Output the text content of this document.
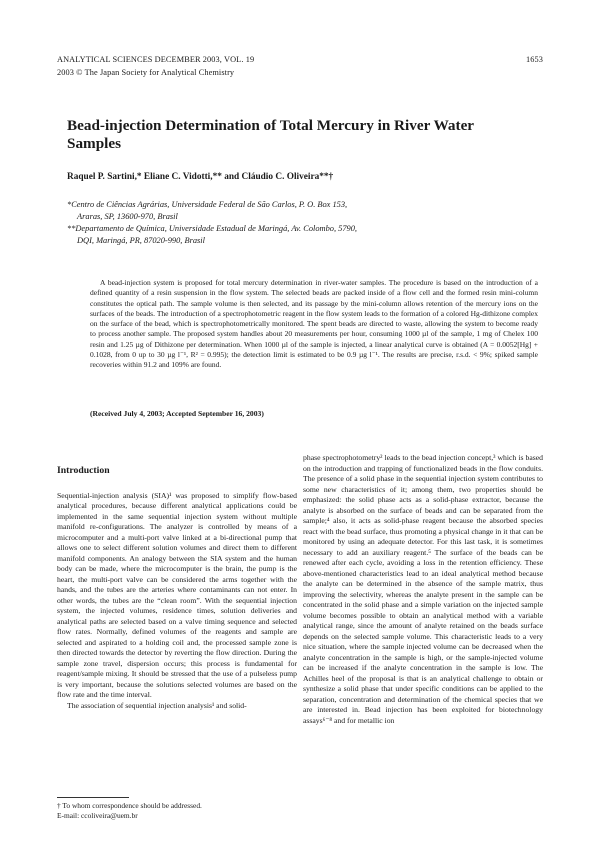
ANALYTICAL SCIENCES DECEMBER 2003, VOL. 19	1653
2003 © The Japan Society for Analytical Chemistry
Bead-injection Determination of Total Mercury in River Water Samples

Raquel P. Sartini,* Eliane C. Vidotti,** and Cláudio C. Oliveira**†

*Centro de Ciências Agrárias, Universidade Federal de São Carlos, P. O. Box 153,
Araras, SP, 13600-970, Brasil

**Departamento de Química, Universidade Estadual de Maringá, Av. Colombo, 5790,
DQI, Maringá, PR, 87020-990, Brasil

A bead-injection system is proposed for total mercury determination in river-water samples. The procedure is based on the introduction of a defined quantity of a resin suspension in the flow system. The selected beads are packed inside of a flow cell and the formed resin mini-column constitutes the optical path. The sample volume is then selected, and its passage by the mini-column allows retention of the mercury ions on the surfaces of the beads. The introduction of a spectrophotometric reagent in the flow system leads to the formation of a colored Hg-dithizone complex on the surface of the bead, which is spectrophotometrically monitored. The spent beads are directed to waste, allowing the system to become ready to process another sample. The proposed system handles about 20 measurements per hour, consuming 1000 µl of the sample, 1 mg of Chelex 100 resin and 1.25 µg of Dithizone per determination. When 1000 µl of the sample is injected, a linear analytical curve is obtained (A = 0.0052[Hg] + 0.1028, from 0 up to 30 µg l⁻¹, R² = 0.995); the detection limit is estimated to be 0.9 µg l⁻¹. The results are precise, r.s.d. < 9%; spiked sample recoveries within 91.2 and 109% are found.

(Received July 4, 2003; Accepted September 16, 2003)

Introduction

Sequential-injection analysis (SIA)¹ was proposed to simplify flow-based analytical procedures, because different analytical applications could be implemented in the same sequential injection system without multiple manifold re-configurations. The analyzer is controlled by means of a microcomputer and a multi-port valve linked at a bi-directional pump that allows one to select different solution volumes and direct them to different manifold components. An analogy between the SIA system and the human body can be made, where the microcomputer is the brain, the pump is the heart, the multi-port valve can be considered the arms together with the hands, and the tubes are the arteries where contaminants can not enter. In other words, the tubes are the “clean room”. With the sequential injection system, the injected volumes, residence times, solution deliveries and analytical paths are selected based on a valve timing sequence and selected flow rates. Normally, defined volumes of the reagents and sample are selected and aspirated to a holding coil and, the processed sample zone is then directed towards the detector by reverting the flow direction. During the sample zone travel, dispersion occurs; this process is fundamental for reagent/sample mixing. It should be stressed that the use of a pulseless pump is very important, because the solutions selected volumes are based on the flow rate and the time interval.

The association of sequential injection analysis¹ and solid-

phase spectrophotometry² leads to the bead injection concept,³ which is based on the introduction and trapping of functionalized beads in the flow conduits. The presence of a solid phase in the sequential injection system contributes to some new characteristics of it; among them, two properties should be emphasized: the solid phase acts as a solid-phase extractor, because the analyte is absorbed on the surface of beads and can be separated from the sample;⁴ also, it acts as solid-phase reagent because the absorbed species react with the bead surface, thus promoting a physical change in it that can be monitored by using an adequate detector. For this last task, it is sometimes necessary to add an auxiliary reagent.⁵ The surface of the beads can be renewed after each cycle, avoiding a loss in the retention efficiency. These above-mentioned characteristics lead to an ideal analytical method because the analyte can be determined in the absence of the sample matrix, thus improving the selectivity, whereas the analyte present in the sample can be concentrated in the solid phase and a simple variation on the injected sample volume becomes possible to obtain an analytical method with a variable analytical range, since the amount of analyte retained on the beads surface depends on the selected sample volume. This characteristic leads to a very nice situation, where the sample injected volume can be decreased when the analyte concentration in the sample is high, or the sample-injected volume can be increased if the analyte concentration in the sample is low. The Achilles heel of the proposal is that is an analytical challenge to obtain or synthesize a solid phase that under specific conditions can be applied to the separation, concentration and determination of the chemical species that we are interested in. Bead injection has been exploited for biotechnology assays⁶⁻⁸ and for metallic ion

† To whom correspondence should be addressed.

E-mail: ccoliveira@uem.br
